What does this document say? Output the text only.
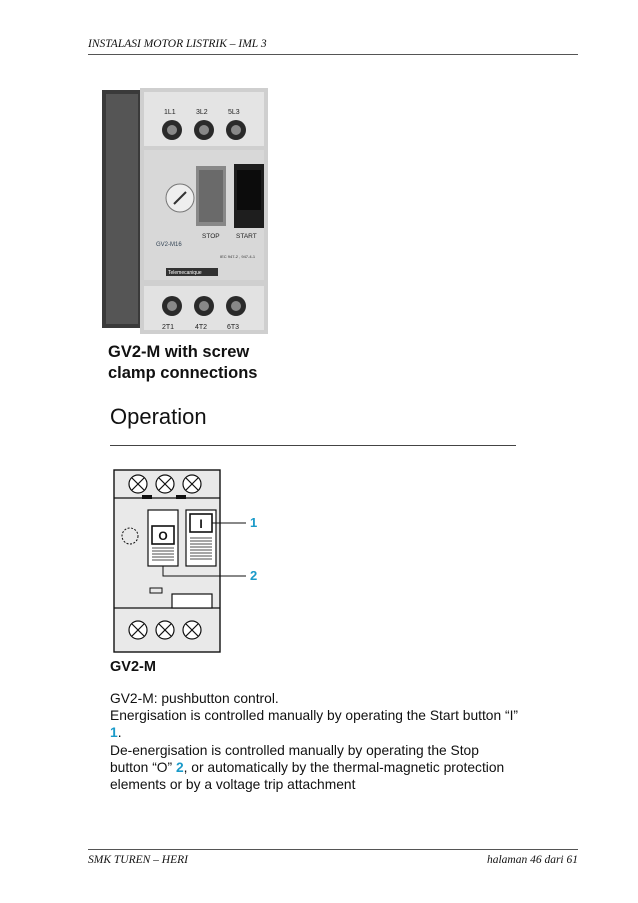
INSTALASI MOTOR LISTRIK – IML 3
1L1	3L2	5L3
STOP	START
GV2-M16
IEC 947-2 , 947-4-1
Telemecanique
2T1	4T2	6T3
GV2-M with screw
clamp connections
Operation
O
I	1
2
GV2-M

GV2-M: pushbutton control.

Energisation is controlled manually by operating the Start button “I” 1.

De-energisation is controlled manually by operating the Stop button “O” 2, or automatically by the thermal-magnetic protection elements or by a voltage trip attachment

SMK TUREN – HERI	halaman 46 dari 61
